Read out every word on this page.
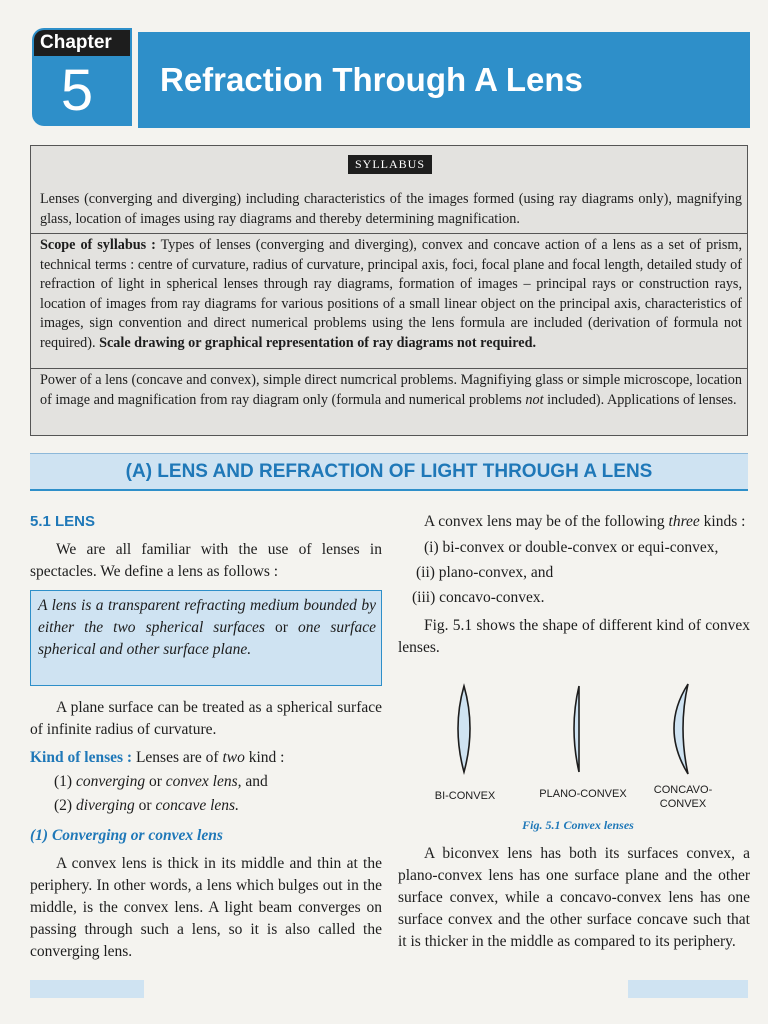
Chapter
5	Refraction Through A Lens
SYLLABUS
Lenses (converging and diverging) including characteristics of the images formed (using ray diagrams only), magnifying glass, location of images using ray diagrams and thereby determining magnification.
Scope of syllabus : Types of lenses (converging and diverging), convex and concave action of a lens as a set of prism, technical terms : centre of curvature, radius of curvature, principal axis, foci, focal plane and focal length, detailed study of refraction of light in spherical lenses through ray diagrams, formation of images – principal rays or construction rays, location of images from ray diagrams for various positions of a small linear object on the principal axis, characteristics of images, sign convention and direct numerical problems using the lens formula are included (derivation of formula not required). Scale drawing or graphical representation of ray diagrams not required.
Power of a lens (concave and convex), simple direct numcrical problems. Magnifiying glass or simple microscope, location of image and magnification from ray diagram only (formula and numerical problems not included). Applications of lenses.
(A) LENS AND REFRACTION OF LIGHT THROUGH A LENS
5.1 LENS

We are all familiar with the use of lenses in spectacles. We define a lens as follows :

A lens is a transparent refracting medium bounded by either the two spherical surfaces or one surface spherical and other surface plane.

A plane surface can be treated as a spherical surface of infinite radius of curvature.

Kind of lenses : Lenses are of two kind :
(1) converging or convex lens, and
(2) diverging or concave lens.
(1) Converging or convex lens

A convex lens is thick in its middle and thin at the periphery. In other words, a lens which bulges out in the middle, is the convex lens. A light beam converges on passing through such a lens, so it is also called the converging lens.

A convex lens may be of the following three kinds :

(i) bi-convex or double-convex or equi-convex,
(ii) plano-convex, and
(iii) concavo-convex.

Fig. 5.1 shows the shape of different kind of convex lenses.

BI-CONVEX	PLANO-CONVEX	CONCAVO-
CONVEX
Fig. 5.1 Convex lenses

A biconvex lens has both its surfaces convex, a plano-convex lens has one surface plane and the other surface convex, while a concavo-convex lens has one surface convex and the other surface concave such that it is thicker in the middle as compared to its periphery.
